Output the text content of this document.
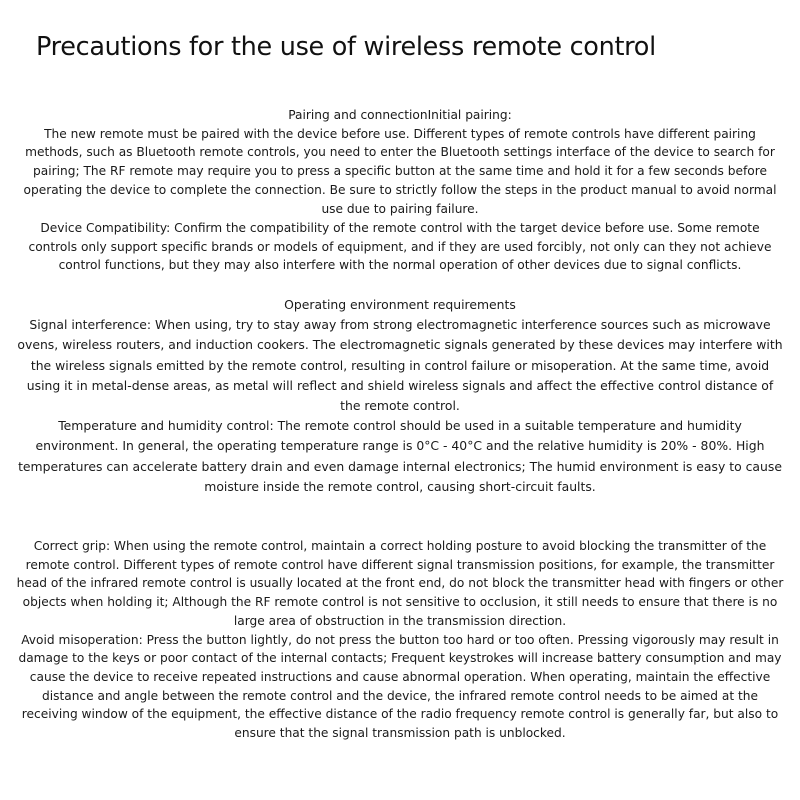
Precautions for the use of wireless remote control

Pairing and connectionInitial pairing:

The new remote must be paired with the device before use. Different types of remote controls have different pairing methods, such as Bluetooth remote controls, you need to enter the Bluetooth settings interface of the device to search for pairing; The RF remote may require you to press a specific button at the same time and hold it for a few seconds before operating the device to complete the connection. Be sure to strictly follow the steps in the product manual to avoid normal use due to pairing failure.

Device Compatibility: Confirm the compatibility of the remote control with the target device before use. Some remote controls only support specific brands or models of equipment, and if they are used forcibly, not only can they not achieve control functions, but they may also interfere with the normal operation of other devices due to signal conflicts.

Operating environment requirements

Signal interference: When using, try to stay away from strong electromagnetic interference sources such as microwave ovens, wireless routers, and induction cookers. The electromagnetic signals generated by these devices may interfere with the wireless signals emitted by the remote control, resulting in control failure or misoperation. At the same time, avoid using it in metal-dense areas, as metal will reflect and shield wireless signals and affect the effective control distance of the remote control.

Temperature and humidity control: The remote control should be used in a suitable temperature and humidity environment. In general, the operating temperature range is 0°C - 40°C and the relative humidity is 20% - 80%. High temperatures can accelerate battery drain and even damage internal electronics; The humid environment is easy to cause moisture inside the remote control, causing short-circuit faults.

Correct grip: When using the remote control, maintain a correct holding posture to avoid blocking the transmitter of the remote control. Different types of remote control have different signal transmission positions, for example, the transmitter head of the infrared remote control is usually located at the front end, do not block the transmitter head with fingers or other objects when holding it; Although the RF remote control is not sensitive to occlusion, it still needs to ensure that there is no large area of obstruction in the transmission direction.

Avoid misoperation: Press the button lightly, do not press the button too hard or too often. Pressing vigorously may result in damage to the keys or poor contact of the internal contacts; Frequent keystrokes will increase battery consumption and may cause the device to receive repeated instructions and cause abnormal operation. When operating, maintain the effective distance and angle between the remote control and the device, the infrared remote control needs to be aimed at the receiving window of the equipment, the effective distance of the radio frequency remote control is generally far, but also to ensure that the signal transmission path is unblocked.
